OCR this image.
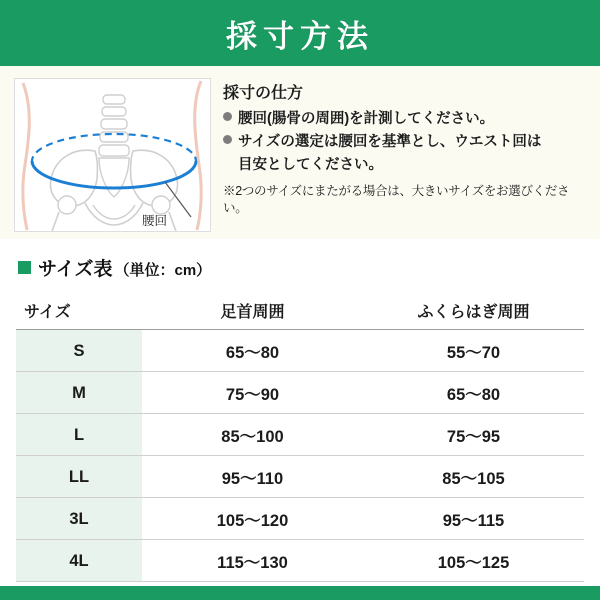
採寸方法
腰回
採寸の仕方
腰回(腸骨の周囲)を計測してください。
サイズの選定は腰回を基準とし、ウエスト回は
目安としてください。
※2つのサイズにまたがる場合は、大きいサイズをお選びください。
サイズ表 （単位：cm）
サイズ	足首周囲	ふくらはぎ周囲
S	65〜80	55〜70
M	75〜90	65〜80
L	85〜100	75〜95
LL	95〜110	85〜105
3L	105〜120	95〜115
4L	115〜130	105〜125
